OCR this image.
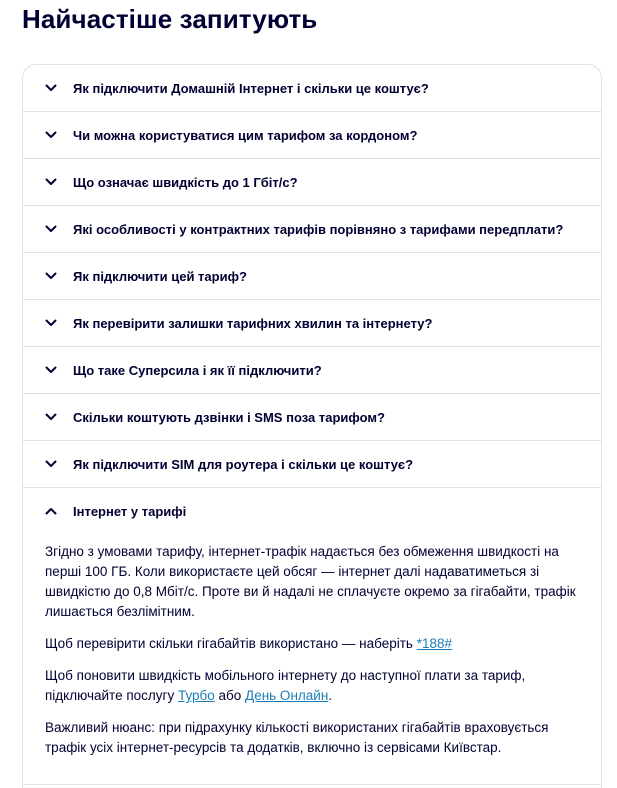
Найчастіше запитують
Як підключити Домашній Інтернет і скільки це коштує?
Чи можна користуватися цим тарифом за кордоном?
Що означає швидкість до 1 Гбіт/с?
Які особливості у контрактних тарифів порівняно з тарифами передплати?
Як підключити цей тариф?
Як перевірити залишки тарифних хвилин та інтернету?
Що таке Суперсила і як її підключити?
Скільки коштують дзвінки і SMS поза тарифом?
Як підключити SIM для роутера і скільки це коштує?
Інтернет у тарифі

Згідно з умовами тарифу, інтернет-трафік надається без обмеження швидкості на перші 100 ГБ. Коли використаєте цей обсяг — інтернет далі надаватиметься зі швидкістю до 0,8 Мбіт/с. Проте ви й надалі не сплачуєте окремо за гігабайти, трафік лишається безлімітним.

Щоб перевірити скільки гігабайтів використано — наберіть *188#

Щоб поновити швидкість мобільного інтернету до наступної плати за тариф, підключайте послугу Турбо або День Онлайн.

Важливий нюанс: при підрахунку кількості використаних гігабайтів враховується трафік усіх інтернет-ресурсів та додатків, включно із сервісами Київстар.
